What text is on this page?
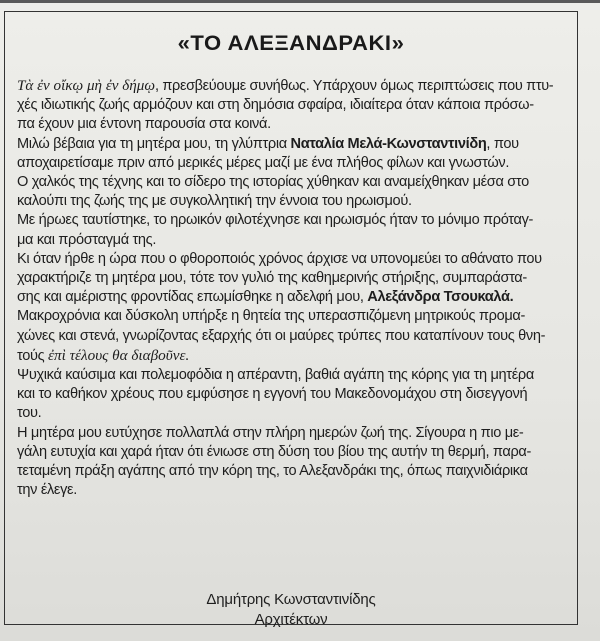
«ΤΟ ΑΛΕΞΑΝΔΡΑΚΙ»

Τὰ ἐν οἴκῳ μὴ ἐν δήμῳ, πρεσβεύουμε συνήθως. Υπάρχουν όμως περιπτώσεις που πτυ-
χές ιδιωτικής ζωής αρμόζουν και στη δημόσια σφαίρα, ιδιαίτερα όταν κάποια πρόσω-
πα έχουν μια έντονη παρουσία στα κοινά.

Μιλώ βέβαια για τη μητέρα μου, τη γλύπτρια Ναταλία Μελά-Κωνσταντινίδη, που
αποχαιρετίσαμε πριν από μερικές μέρες μαζί με ένα πλήθος φίλων και γνωστών.

Ο χαλκός της τέχνης και το σίδερο της ιστορίας χύθηκαν και αναμείχθηκαν μέσα στο
καλούπι της ζωής της με συγκολλητική την έννοια του ηρωισμού.

Με ήρωες ταυτίστηκε, το ηρωικόν φιλοτέχνησε και ηρωισμός ήταν το μόνιμο πρόταγ-
μα και πρόσταγμά της.

Κι όταν ήρθε η ώρα που ο φθοροποιός χρόνος άρχισε να υπονομεύει το αθάνατο που
χαρακτήριζε τη μητέρα μου, τότε τον γυλιό της καθημερινής στήριξης, συμπαράστα-
σης και αμέριστης φροντίδας επωμίσθηκε η αδελφή μου, Αλεξάνδρα Τσουκαλά.

Μακροχρόνια και δύσκολη υπήρξε η θητεία της υπερασπιζόμενη μητρικούς προμα-
χώνες και στενά, γνωρίζοντας εξαρχής ότι οι μαύρες τρύπες που καταπίνουν τους θνη-
τούς ἐπὶ τέλους θα διαβοῦνε.

Ψυχικά καύσιμα και πολεμοφόδια η απέραντη, βαθιά αγάπη της κόρης για τη μητέρα
και το καθήκον χρέους που εμφύσησε η εγγονή του Μακεδονομάχου στη δισεγγονή
του.

Η μητέρα μου ευτύχησε πολλαπλά στην πλήρη ημερών ζωή της. Σίγουρα η πιο με-
γάλη ευτυχία και χαρά ήταν ότι ένιωσε στη δύση του βίου της αυτήν τη θερμή, παρα-
τεταμένη πράξη αγάπης από την κόρη της, το Αλεξανδράκι της, όπως παιχνιδιάρικα
την έλεγε.

Δημήτρης Κωνσταντινίδης
Αρχιτέκτων
